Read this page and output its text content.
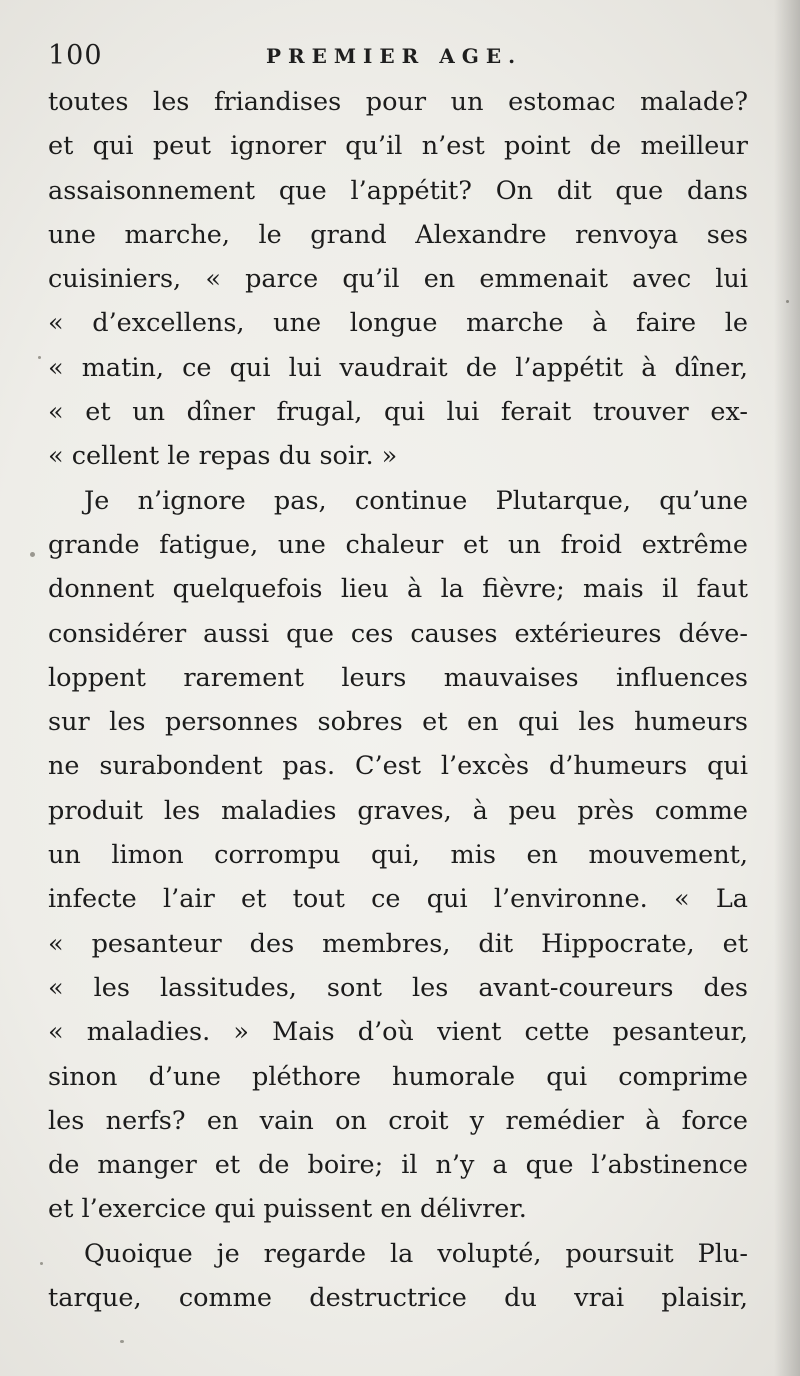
100	PREMIER AGE.
toutes les friandises pour un estomac malade?
et qui peut ignorer qu’il n’est point de meilleur
assaisonnement que l’appétit? On dit que dans
une marche, le grand Alexandre renvoya ses
cuisiniers, « parce qu’il en emmenait avec lui
« d’excellens, une longue marche à faire le
« matin, ce qui lui vaudrait de l’appétit à dîner,
« et un dîner frugal, qui lui ferait trouver ex-
« cellent le repas du soir. »
Je n’ignore pas, continue Plutarque, qu’une
grande fatigue, une chaleur et un froid extrême
donnent quelquefois lieu à la fièvre; mais il faut
considérer aussi que ces causes extérieures déve-
loppent rarement leurs mauvaises influences
sur les personnes sobres et en qui les humeurs
ne surabondent pas. C’est l’excès d’humeurs qui
produit les maladies graves, à peu près comme
un limon corrompu qui, mis en mouvement,
infecte l’air et tout ce qui l’environne. « La
« pesanteur des membres, dit Hippocrate, et
« les lassitudes, sont les avant-coureurs des
« maladies. » Mais d’où vient cette pesanteur,
sinon d’une pléthore humorale qui comprime
les nerfs? en vain on croit y remédier à force
de manger et de boire; il n’y a que l’abstinence
et l’exercice qui puissent en délivrer.
Quoique je regarde la volupté, poursuit Plu-
tarque, comme destructrice du vrai plaisir,
